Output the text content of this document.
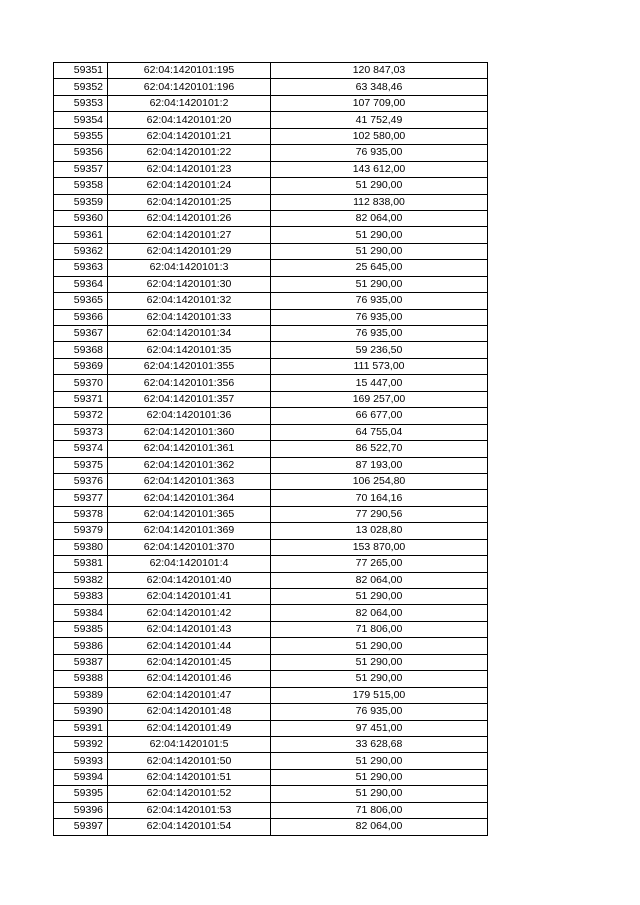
59351	62:04:1420101:195	120 847,03
59352	62:04:1420101:196	63 348,46
59353	62:04:1420101:2	107 709,00
59354	62:04:1420101:20	41 752,49
59355	62:04:1420101:21	102 580,00
59356	62:04:1420101:22	76 935,00
59357	62:04:1420101:23	143 612,00
59358	62:04:1420101:24	51 290,00
59359	62:04:1420101:25	112 838,00
59360	62:04:1420101:26	82 064,00
59361	62:04:1420101:27	51 290,00
59362	62:04:1420101:29	51 290,00
59363	62:04:1420101:3	25 645,00
59364	62:04:1420101:30	51 290,00
59365	62:04:1420101:32	76 935,00
59366	62:04:1420101:33	76 935,00
59367	62:04:1420101:34	76 935,00
59368	62:04:1420101:35	59 236,50
59369	62:04:1420101:355	111 573,00
59370	62:04:1420101:356	15 447,00
59371	62:04:1420101:357	169 257,00
59372	62:04:1420101:36	66 677,00
59373	62:04:1420101:360	64 755,04
59374	62:04:1420101:361	86 522,70
59375	62:04:1420101:362	87 193,00
59376	62:04:1420101:363	106 254,80
59377	62:04:1420101:364	70 164,16
59378	62:04:1420101:365	77 290,56
59379	62:04:1420101:369	13 028,80
59380	62:04:1420101:370	153 870,00
59381	62:04:1420101:4	77 265,00
59382	62:04:1420101:40	82 064,00
59383	62:04:1420101:41	51 290,00
59384	62:04:1420101:42	82 064,00
59385	62:04:1420101:43	71 806,00
59386	62:04:1420101:44	51 290,00
59387	62:04:1420101:45	51 290,00
59388	62:04:1420101:46	51 290,00
59389	62:04:1420101:47	179 515,00
59390	62:04:1420101:48	76 935,00
59391	62:04:1420101:49	97 451,00
59392	62:04:1420101:5	33 628,68
59393	62:04:1420101:50	51 290,00
59394	62:04:1420101:51	51 290,00
59395	62:04:1420101:52	51 290,00
59396	62:04:1420101:53	71 806,00
59397	62:04:1420101:54	82 064,00
